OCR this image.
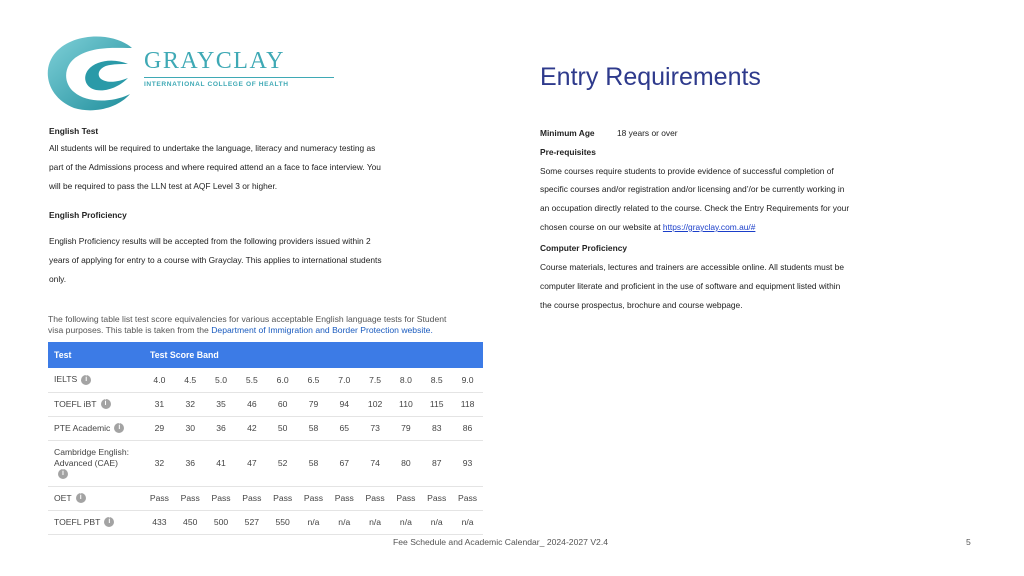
GRAYCLAY
INTERNATIONAL COLLEGE OF HEALTH	Entry Requirements
English Test
All students will be required to undertake the language, literacy and numeracy testing as
part of the Admissions process and where required attend an a face to face interview. You
will be required to pass the LLN test at AQF Level 3 or higher.
English Proficiency
English Proficiency results will be accepted from the following providers issued within 2
years of applying for entry to a course with Grayclay. This applies to international students
only.
The following table list test score equivalencies for various acceptable English language tests for Student
visa purposes. This table is taken from the Department of Immigration and Border Protection website.
Test	Test Score Band										
IELTS i	4.0	4.5	5.0	5.5	6.0	6.5	7.0	7.5	8.0	8.5	9.0
TOEFL iBT i	31	32	35	46	60	79	94	102	110	115	118
PTE Academic i	29	30	36	42	50	58	65	73	79	83	86
Cambridge English: Advanced (CAE)
i	32	36	41	47	52	58	67	74	80	87	93
OET i	Pass	Pass	Pass	Pass	Pass	Pass	Pass	Pass	Pass	Pass	Pass
TOEFL PBT i	433	450	500	527	550	n/a	n/a	n/a	n/a	n/a	n/a
Minimum Age	18 years or over
Pre-requisites
Some courses require students to provide evidence of successful completion of
specific courses and/or registration and/or licensing and’/or be currently working in
an occupation directly related to the course. Check the Entry Requirements for your
chosen course on our website at https://grayclay.com.au/#
Computer Proficiency
Course materials, lectures and trainers are accessible online. All students must be
computer literate and proficient in the use of software and equipment listed within
the course prospectus, brochure and course webpage.
Fee Schedule and Academic Calendar_ 2024-2027 V2.4	5
